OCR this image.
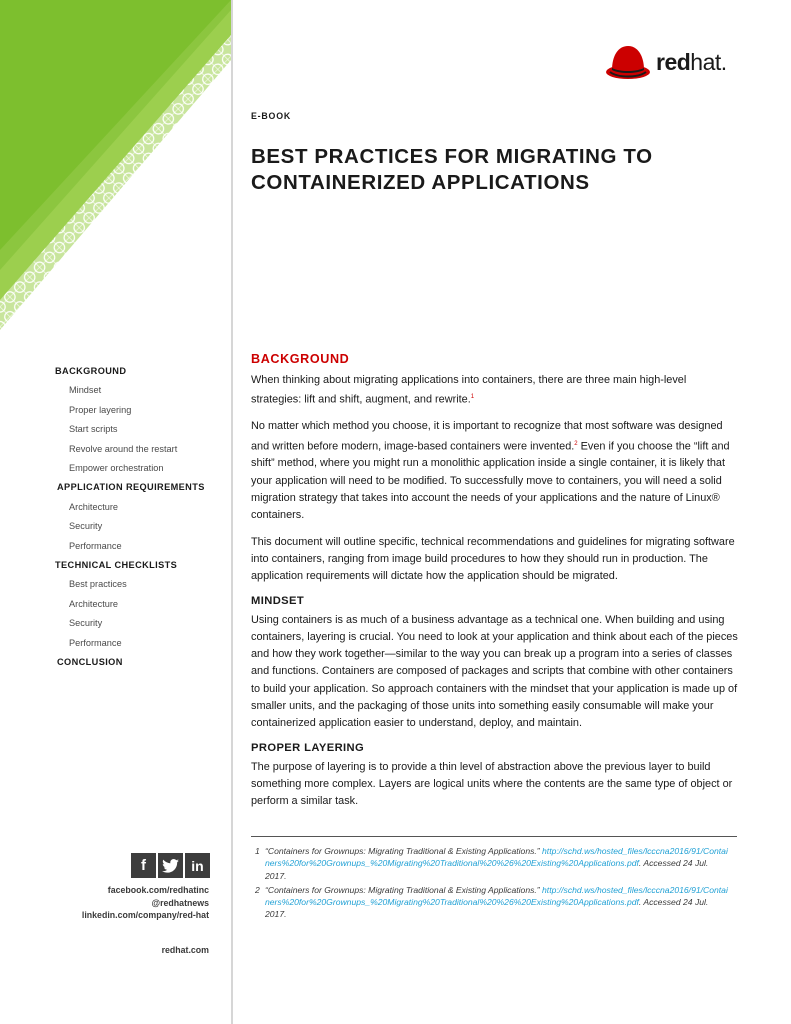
BACKGROUND
Mindset
Proper layering
Start scripts
Revolve around the restart
Empower orchestration
APPLICATION REQUIREMENTS
Architecture
Security
Performance
TECHNICAL CHECKLISTS
Best practices
Architecture
Security
Performance
CONCLUSION
f	in
facebook.com/redhatinc
@redhatnews
linkedin.com/company/red-hat
redhat.com
redhat.
E-BOOK
BEST PRACTICES FOR MIGRATING TO CONTAINERIZED APPLICATIONS
BACKGROUND

When thinking about migrating applications into containers, there are three main high-level strategies: lift and shift, augment, and rewrite.$^1$

No matter which method you choose, it is important to recognize that most software was designed and written before modern, image-based containers were invented.$^2$ Even if you choose the “lift and shift” method, where you might run a monolithic application inside a single container, it is likely that your application will need to be modified. To successfully move to containers, you will need a solid migration strategy that takes into account the needs of your applications and the nature of Linux® containers.

This document will outline specific, technical recommendations and guidelines for migrating software into containers, ranging from image build procedures to how they should run in production. The application requirements will dictate how the application should be migrated.

MINDSET

Using containers is as much of a business advantage as a technical one. When building and using containers, layering is crucial. You need to look at your application and think about each of the pieces and how they work together—similar to the way you can break up a program into a series of classes and functions. Containers are composed of packages and scripts that combine with other containers to build your application. So approach containers with the mindset that your application is made up of smaller units, and the packaging of those units into something easily consumable will make your containerized application easier to understand, deploy, and maintain.

PROPER LAYERING

The purpose of layering is to provide a thin level of abstraction above the previous layer to build something more complex. Layers are logical units where the contents are the same type of object or perform a similar task.

1 “Containers for Grownups: Migrating Traditional & Existing Applications.” http://schd.ws/hosted_files/lcccna2016/91/Containers%20for%20Grownups_%20Migrating%20Traditional%20%26%20Existing%20Applications.pdf. Accessed 24 Jul. 2017.
2 “Containers for Grownups: Migrating Traditional & Existing Applications.” http://schd.ws/hosted_files/lcccna2016/91/Containers%20for%20Grownups_%20Migrating%20Traditional%20%26%20Existing%20Applications.pdf. Accessed 24 Jul. 2017.
